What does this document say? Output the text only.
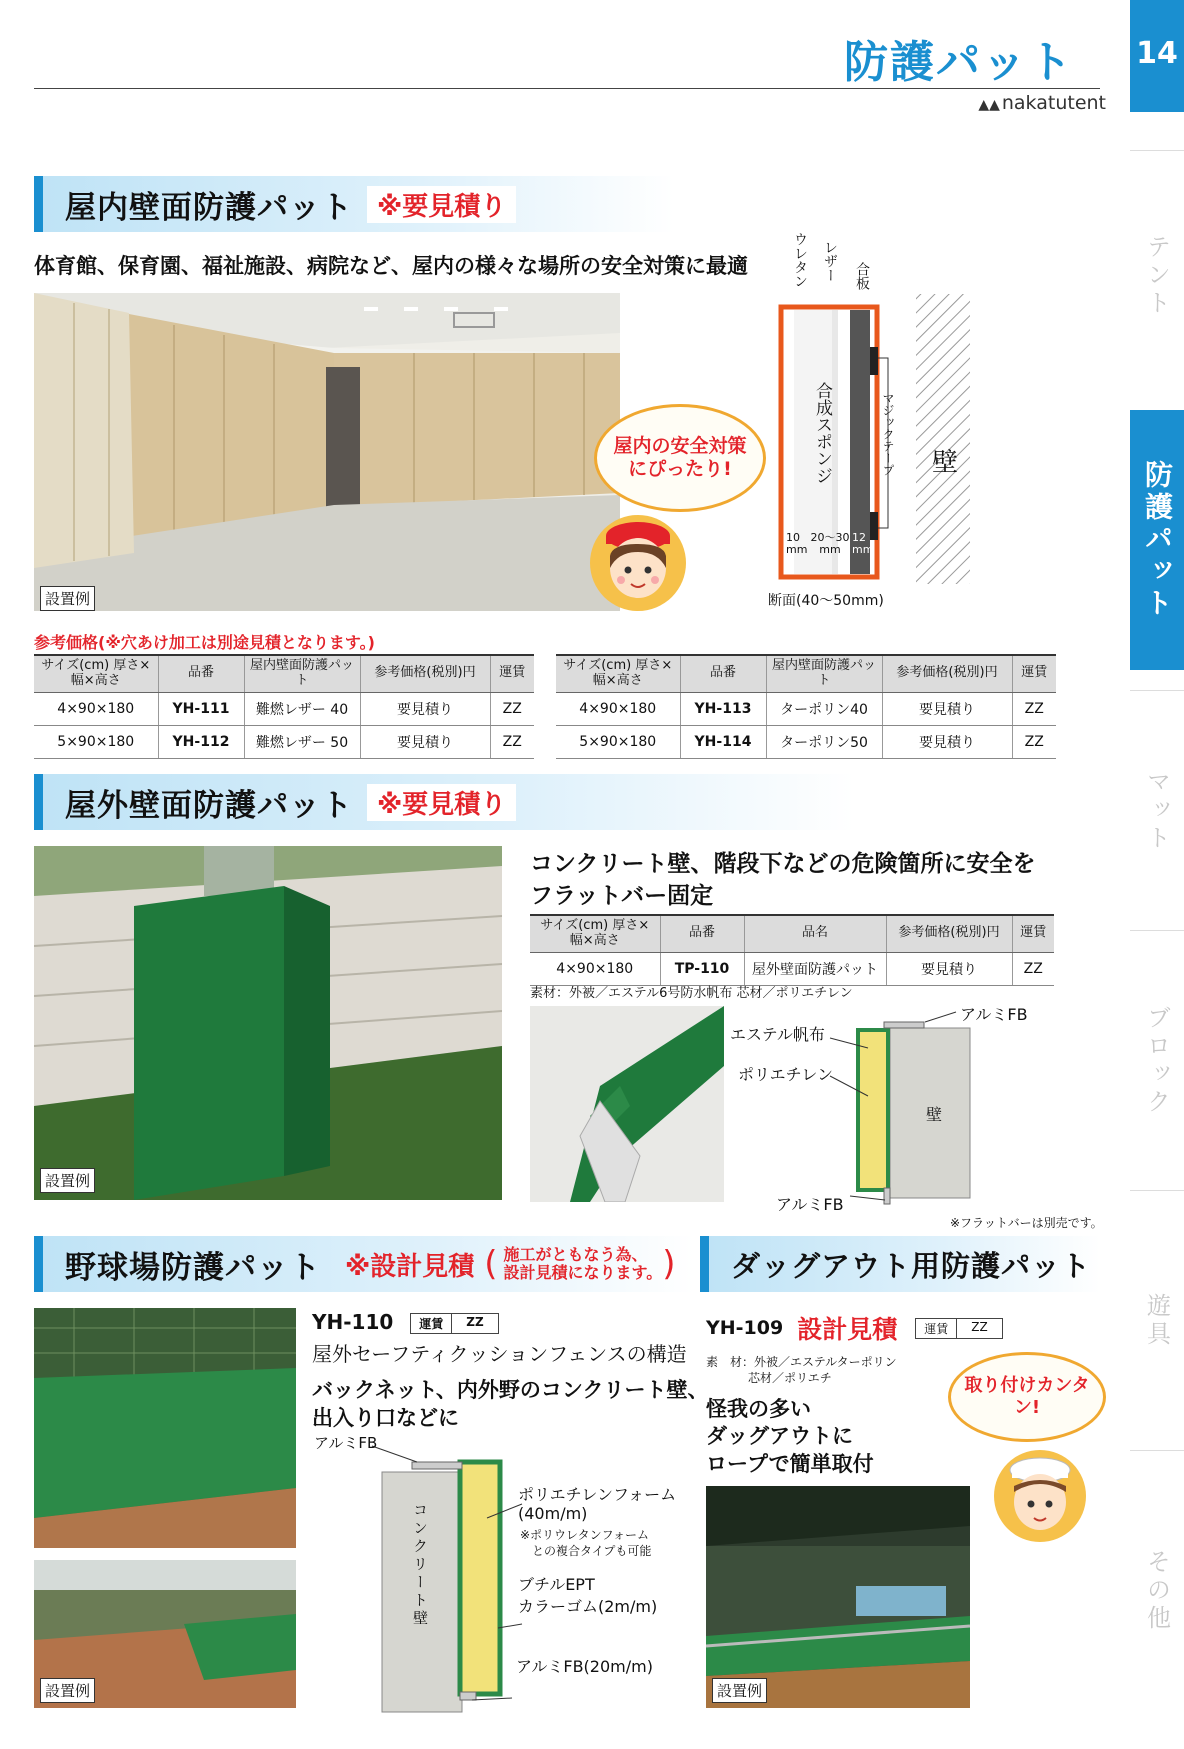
防護パット 14
▲▲ nakatutent
テント
防護パット
マット
ブロック
遊具
その他
屋内壁面防護パット ※要見積り
体育館、保育園、福祉施設、病院など、屋内の様々な場所の安全対策に最適
設置例
屋内の安全対策にぴったり!
ウレタン レザー 合板
合成スポンジ	マジックテープ 壁
10 mm
20〜30 mm
12 mm
断面(40〜50mm)
参考価格(※穴あけ加工は別途見積となります。)
サイズ(cm) 厚さ×幅×高さ	品番	屋内壁面防護パット	参考価格(税別)円	運賃
4×90×180	YH-111	難燃レザー 40	要見積り	ZZ
5×90×180	YH-112	難燃レザー 50	要見積り	ZZ
サイズ(cm) 厚さ×幅×高さ	品番	屋内壁面防護パット	参考価格(税別)円	運賃
4×90×180	YH-113	ターポリン40	要見積り	ZZ
5×90×180	YH-114	ターポリン50	要見積り	ZZ
屋外壁面防護パット ※要見積り
設置例
コンクリート壁、階段下などの危険箇所に安全を
フラットバー固定
サイズ(cm) 厚さ×幅×高さ	品番	品名	参考価格(税別)円	運賃
4×90×180	TP-110	屋外壁面防護パット	要見積り	ZZ
素材：外被／エステル6号防水帆布 芯材／ポリエチレン
アルミFB
エステル帆布
ポリエチレン
壁
アルミFB
※フラットバーは別売です。
野球場防護パット ※設計見積 ( 施工がともなう為、
設計見積になります。 )
設置例
YH-110	運賃	ZZ
屋外セーフティクッションフェンスの構造
バックネット、内外野のコンクリート壁、
出入り口などに
アルミFB
コンクリート壁
ポリエチレンフォーム
(40m/m)
※ポリウレタンフォーム
との複合タイプも可能
ブチルEPT
カラーゴム(2m/m)
アルミFB(20m/m)
ダッグアウト用防護パット
YH-109 設計見積	運賃	ZZ
素　材：外被／エステルターポリン
芯材／ポリエチ
怪我の多い
ダッグアウトに
ロープで簡単取付
取り付けカンタン!
設置例
